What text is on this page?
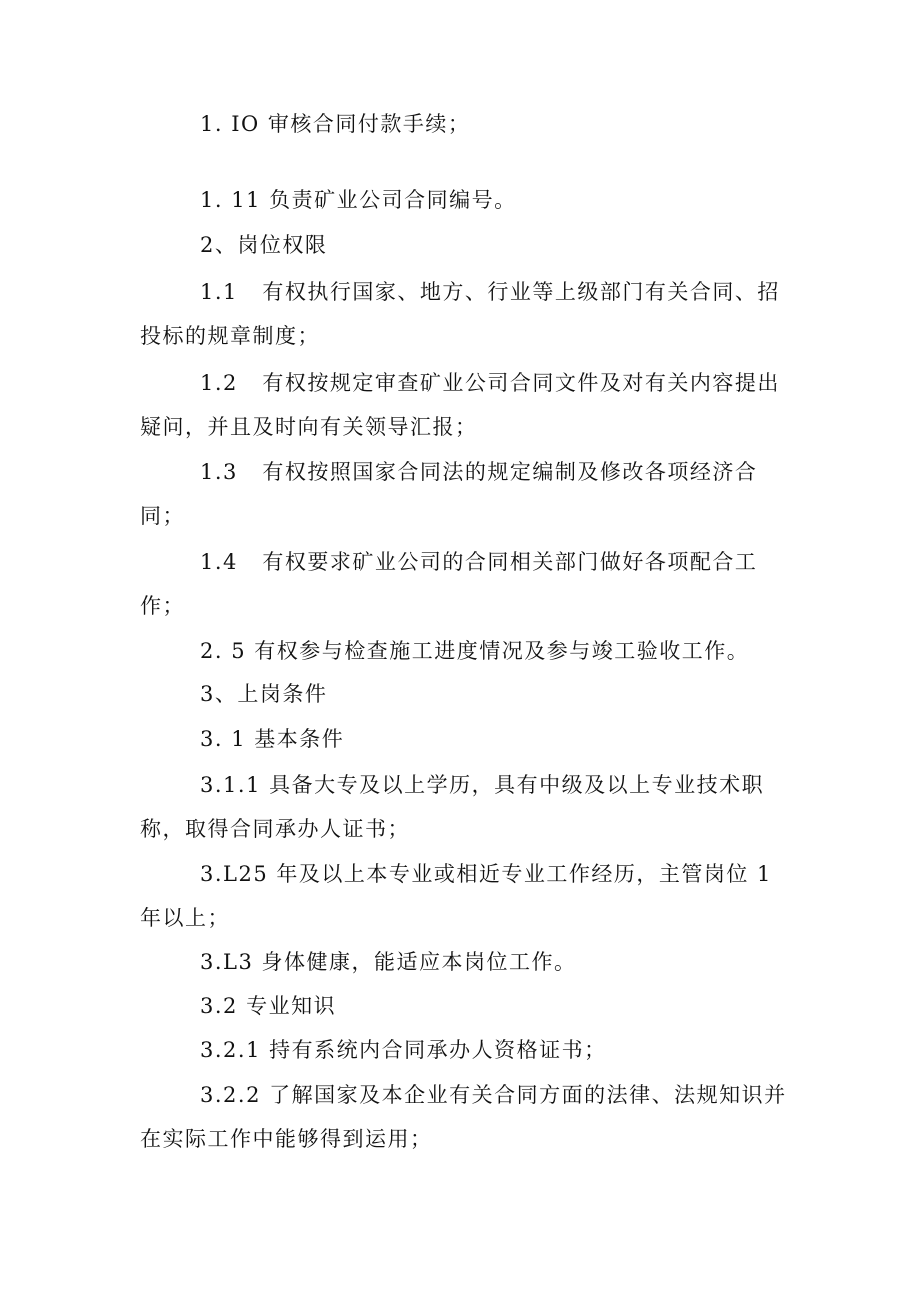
1. IO 审核合同付款手续；

1. 11 负责矿业公司合同编号。

2、岗位权限

1.1   有权执行国家、地方、行业等上级部门有关合同、招投标的规章制度；

1.2   有权按规定审查矿业公司合同文件及对有关内容提出疑问，并且及时向有关领导汇报；

1.3   有权按照国家合同法的规定编制及修改各项经济合同；

1.4   有权要求矿业公司的合同相关部门做好各项配合工作；

2. 5 有权参与检查施工进度情况及参与竣工验收工作。

3、上岗条件

3. 1 基本条件

3.1.1 具备大专及以上学历，具有中级及以上专业技术职称，取得合同承办人证书；

3.L25 年及以上本专业或相近专业工作经历，主管岗位 1 年以上；

3.L3 身体健康，能适应本岗位工作。

3.2 专业知识

3.2.1 持有系统内合同承办人资格证书；

3.2.2 了解国家及本企业有关合同方面的法律、法规知识并在实际工作中能够得到运用；
